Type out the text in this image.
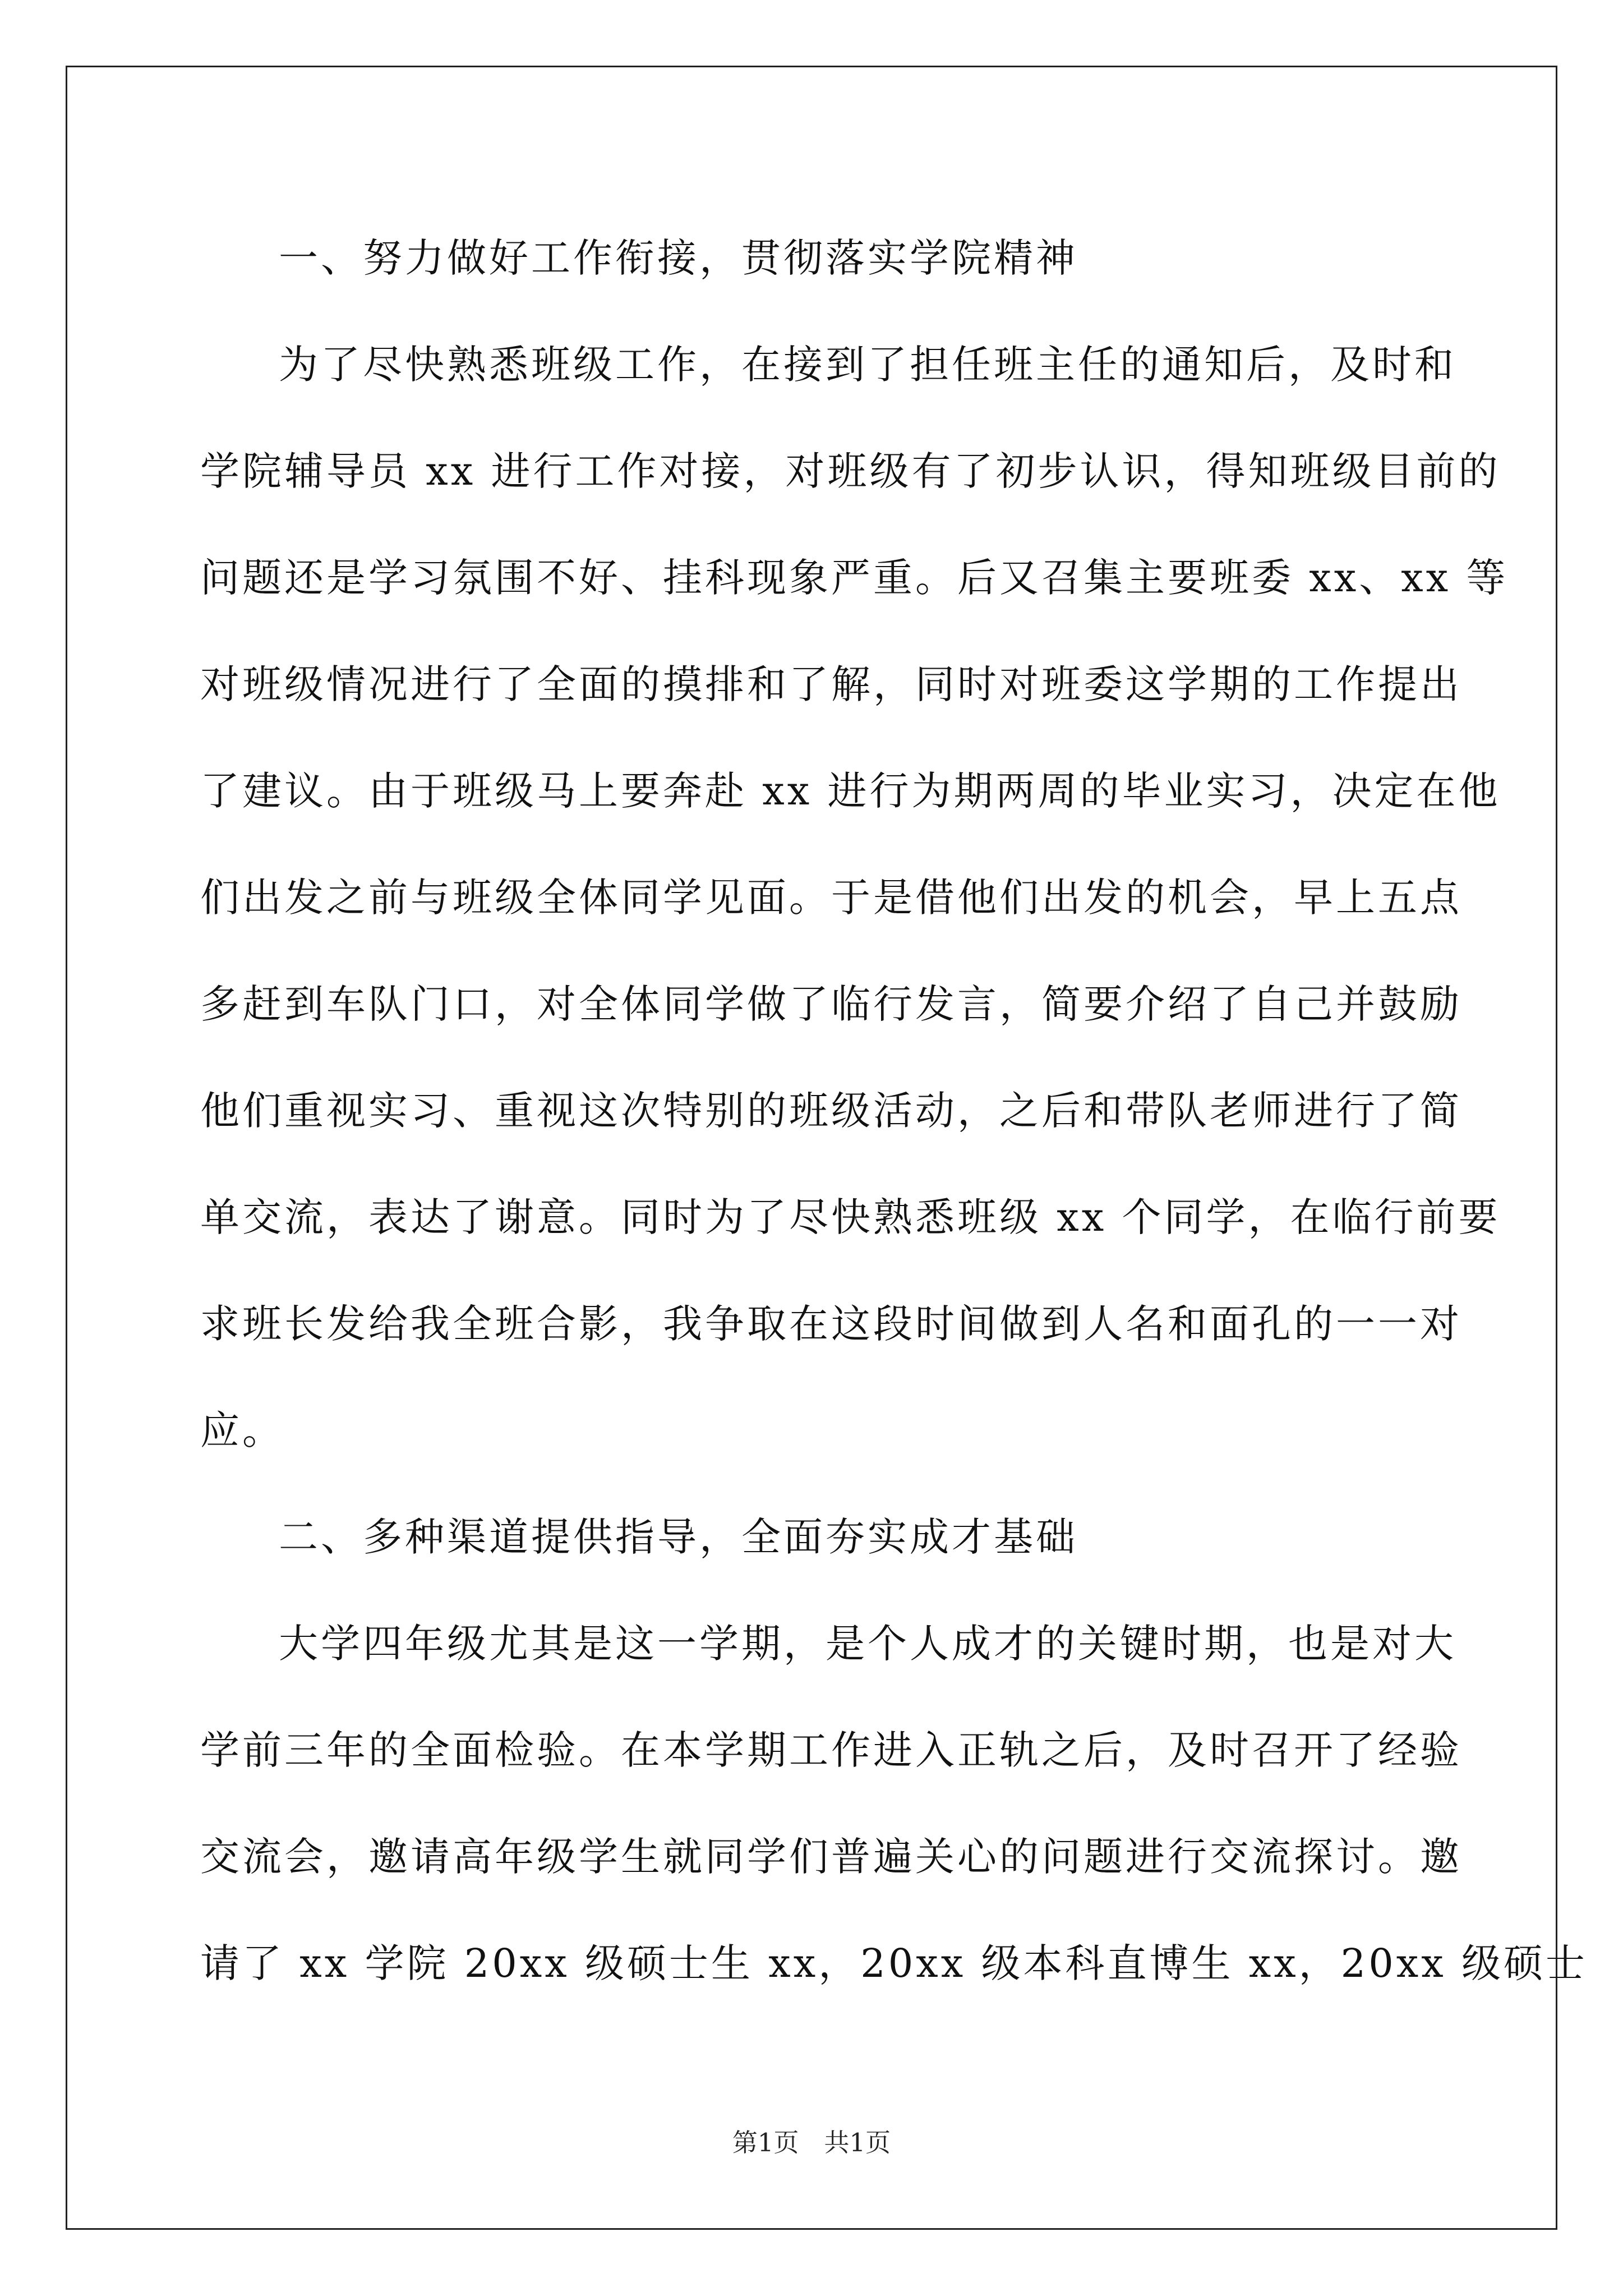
一、努力做好工作衔接，贯彻落实学院精神
为了尽快熟悉班级工作，在接到了担任班主任的通知后，及时和
学院辅导员 xx 进行工作对接，对班级有了初步认识，得知班级目前的
问题还是学习氛围不好、挂科现象严重。后又召集主要班委 xx、xx 等
对班级情况进行了全面的摸排和了解，同时对班委这学期的工作提出
了建议。由于班级马上要奔赴 xx 进行为期两周的毕业实习，决定在他
们出发之前与班级全体同学见面。于是借他们出发的机会，早上五点
多赶到车队门口，对全体同学做了临行发言，简要介绍了自己并鼓励
他们重视实习、重视这次特别的班级活动，之后和带队老师进行了简
单交流，表达了谢意。同时为了尽快熟悉班级 xx 个同学，在临行前要
求班长发给我全班合影，我争取在这段时间做到人名和面孔的一一对
应。
二、多种渠道提供指导，全面夯实成才基础
大学四年级尤其是这一学期，是个人成才的关键时期，也是对大
学前三年的全面检验。在本学期工作进入正轨之后，及时召开了经验
交流会，邀请高年级学生就同学们普遍关心的问题进行交流探讨。邀
请了 xx 学院 20xx 级硕士生 xx，20xx 级本科直博生 xx，20xx 级硕士
第1页　共1页
